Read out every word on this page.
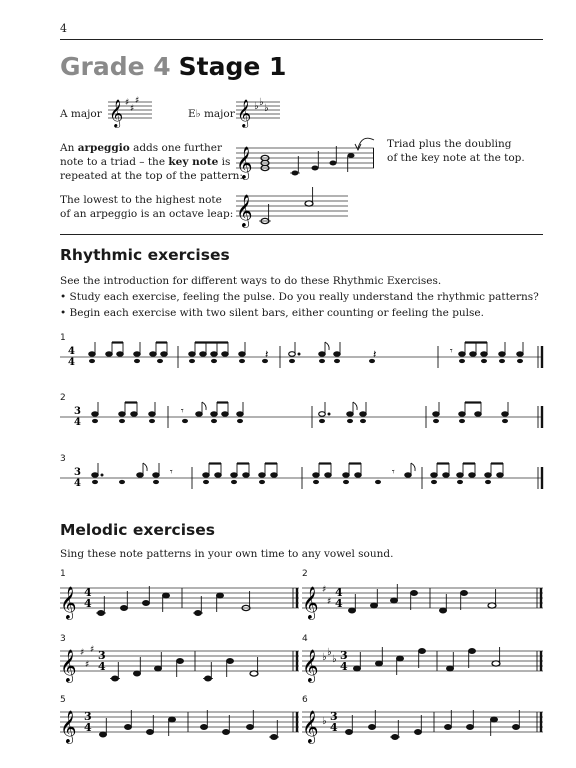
4
Grade 4 Stage 1
A major 𝄞 ♯
♯
♯
E♭ major 𝄞 ♭ ♭
♭
An arpeggio adds one further
note to a triad – the key note is
repeated at the top of the pattern:
𝄞
Triad plus the doubling
of the key note at the top.
The lowest to the highest note
of an arpeggio is an octave leap: 𝄞
Rhythmic exercises
See the introduction for different ways to do these Rhythmic Exercises.
• Study each exercise, feeling the pulse. Do you really understand the rhythmic patterns?
• Begin each exercise with two silent bars, either counting or feeling the pulse.
1
4
4
𝄽	𝄽	𝄾
2
3
4
𝄾
3
3
4
𝄾	𝄾
Melodic exercises
Sing these note patterns in your own time to any vowel sound.
1
𝄞 4
4
2
𝄞 ♯
♯
4
4
3
𝄞 ♯
♯
♯ 3
4
4
𝄞 ♭ ♭
♭ 3
4
5
𝄞 3
4
6
𝄞 ♭ 3
4
